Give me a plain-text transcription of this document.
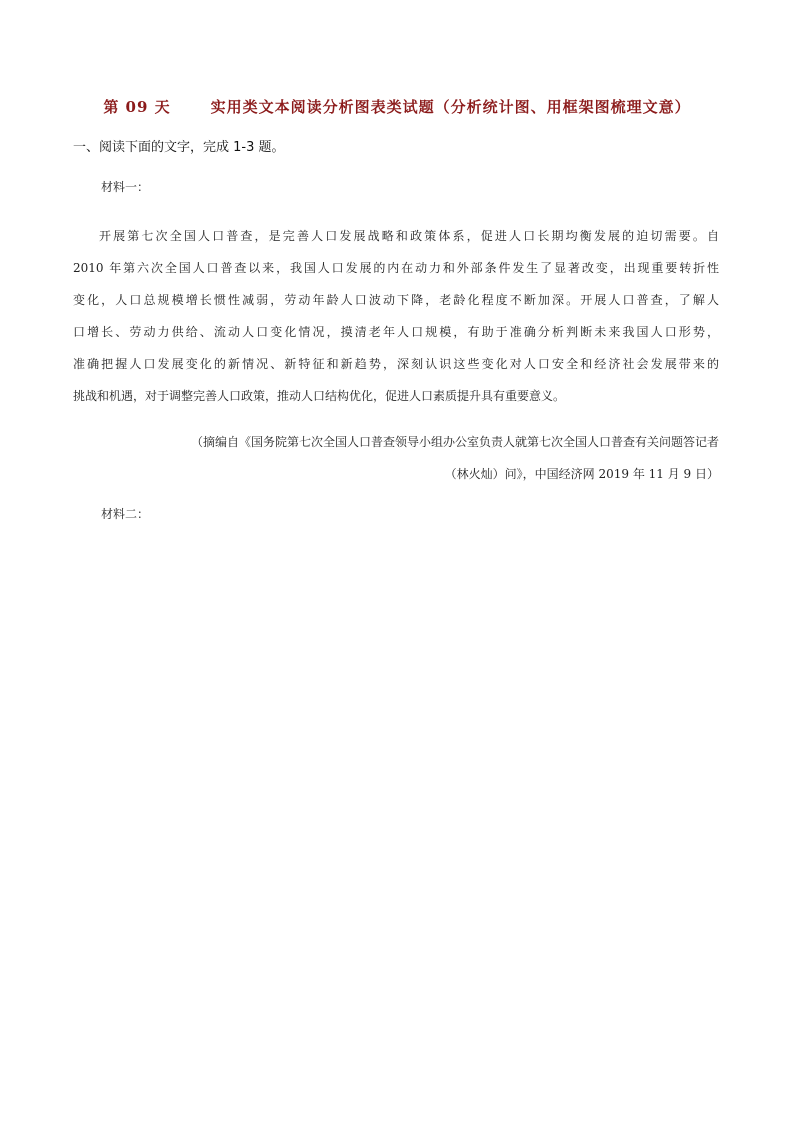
第 09 天	实用类文本阅读分析图表类试题（分析统计图、用框架图梳理文意）
一、阅读下面的文字，完成 1-3 题。
材料一：
开展第七次全国人口普查，是完善人口发展战略和政策体系，促进人口长期均衡发展的迫切需要。自
2010 年第六次全国人口普查以来，我国人口发展的内在动力和外部条件发生了显著改变，出现重要转折性
变化，人口总规模增长惯性减弱，劳动年龄人口波动下降，老龄化程度不断加深。开展人口普查，了解人
口增长、劳动力供给、流动人口变化情况，摸清老年人口规模，有助于准确分析判断未来我国人口形势，
准确把握人口发展变化的新情况、新特征和新趋势，深刻认识这些变化对人口安全和经济社会发展带来的
挑战和机遇，对于调整完善人口政策，推动人口结构优化，促进人口素质提升具有重要意义。
（摘编自《国务院第七次全国人口普查领导小组办公室负责人就第七次全国人口普查有关问题答记者
（林火灿）问》，中国经济网 2019 年 11 月 9 日）
材料二：
